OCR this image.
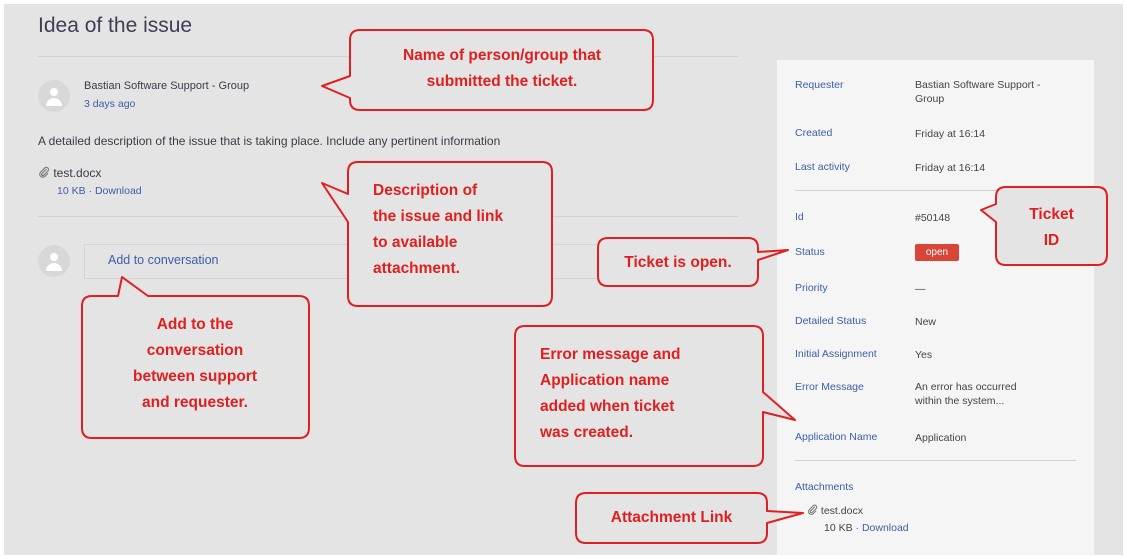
Idea of the issue
Bastian Software Support - Group
3 days ago
A detailed description of the issue that is taking place. Include any pertinent information
test.docx
10 KB · Download
Add to conversation
Requester	Bastian Software Support -
Group
Created	Friday at 16:14
Last activity	Friday at 16:14
Id	#50148
Status	open
Priority	—
Detailed Status	New
Initial Assignment	Yes
Error Message	An error has occurred
within the system...
Application Name	Application
Attachments
test.docx
10 KB · Download
Name of person/group that
submitted the ticket.
Description of
the issue and link
to available
attachment.
Add to the
conversation
between support
and requester.
Ticket is open.
Ticket
ID
Error message and
Application name
added when ticket
was created.
Attachment Link
